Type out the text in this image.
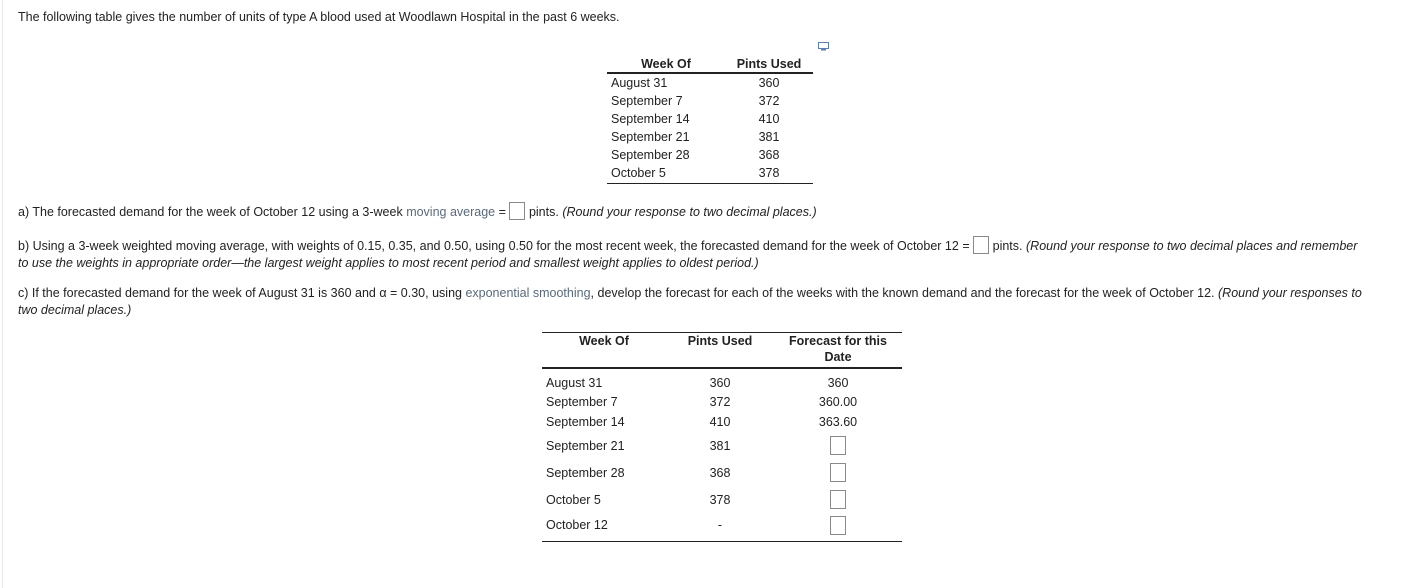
The following table gives the number of units of type A blood used at Woodlawn Hospital in the past 6 weeks.
Week Of	Pints Used
August 31	360
September 7	372
September 14	410
September 21	381
September 28	368
October 5	378
a) The forecasted demand for the week of October 12 using a 3-week moving average = pints. (Round your response to two decimal places.)
b) Using a 3-week weighted moving average, with weights of 0.15, 0.35, and 0.50, using 0.50 for the most recent week, the forecasted demand for the week of October 12 = pints. (Round your response to two decimal places and remember
to use the weights in appropriate order—the largest weight applies to most recent period and smallest weight applies to oldest period.)
c) If the forecasted demand for the week of August 31 is 360 and α = 0.30, using exponential smoothing, develop the forecast for each of the weeks with the known demand and the forecast for the week of October 12. (Round your responses to
two decimal places.)
Week Of	Pints Used	Forecast for this
Date

August 31	360	360
September 7	372	360.00
September 14	410	363.60
September 21	381	
September 28	368	
October 5	378	
October 12	-	
